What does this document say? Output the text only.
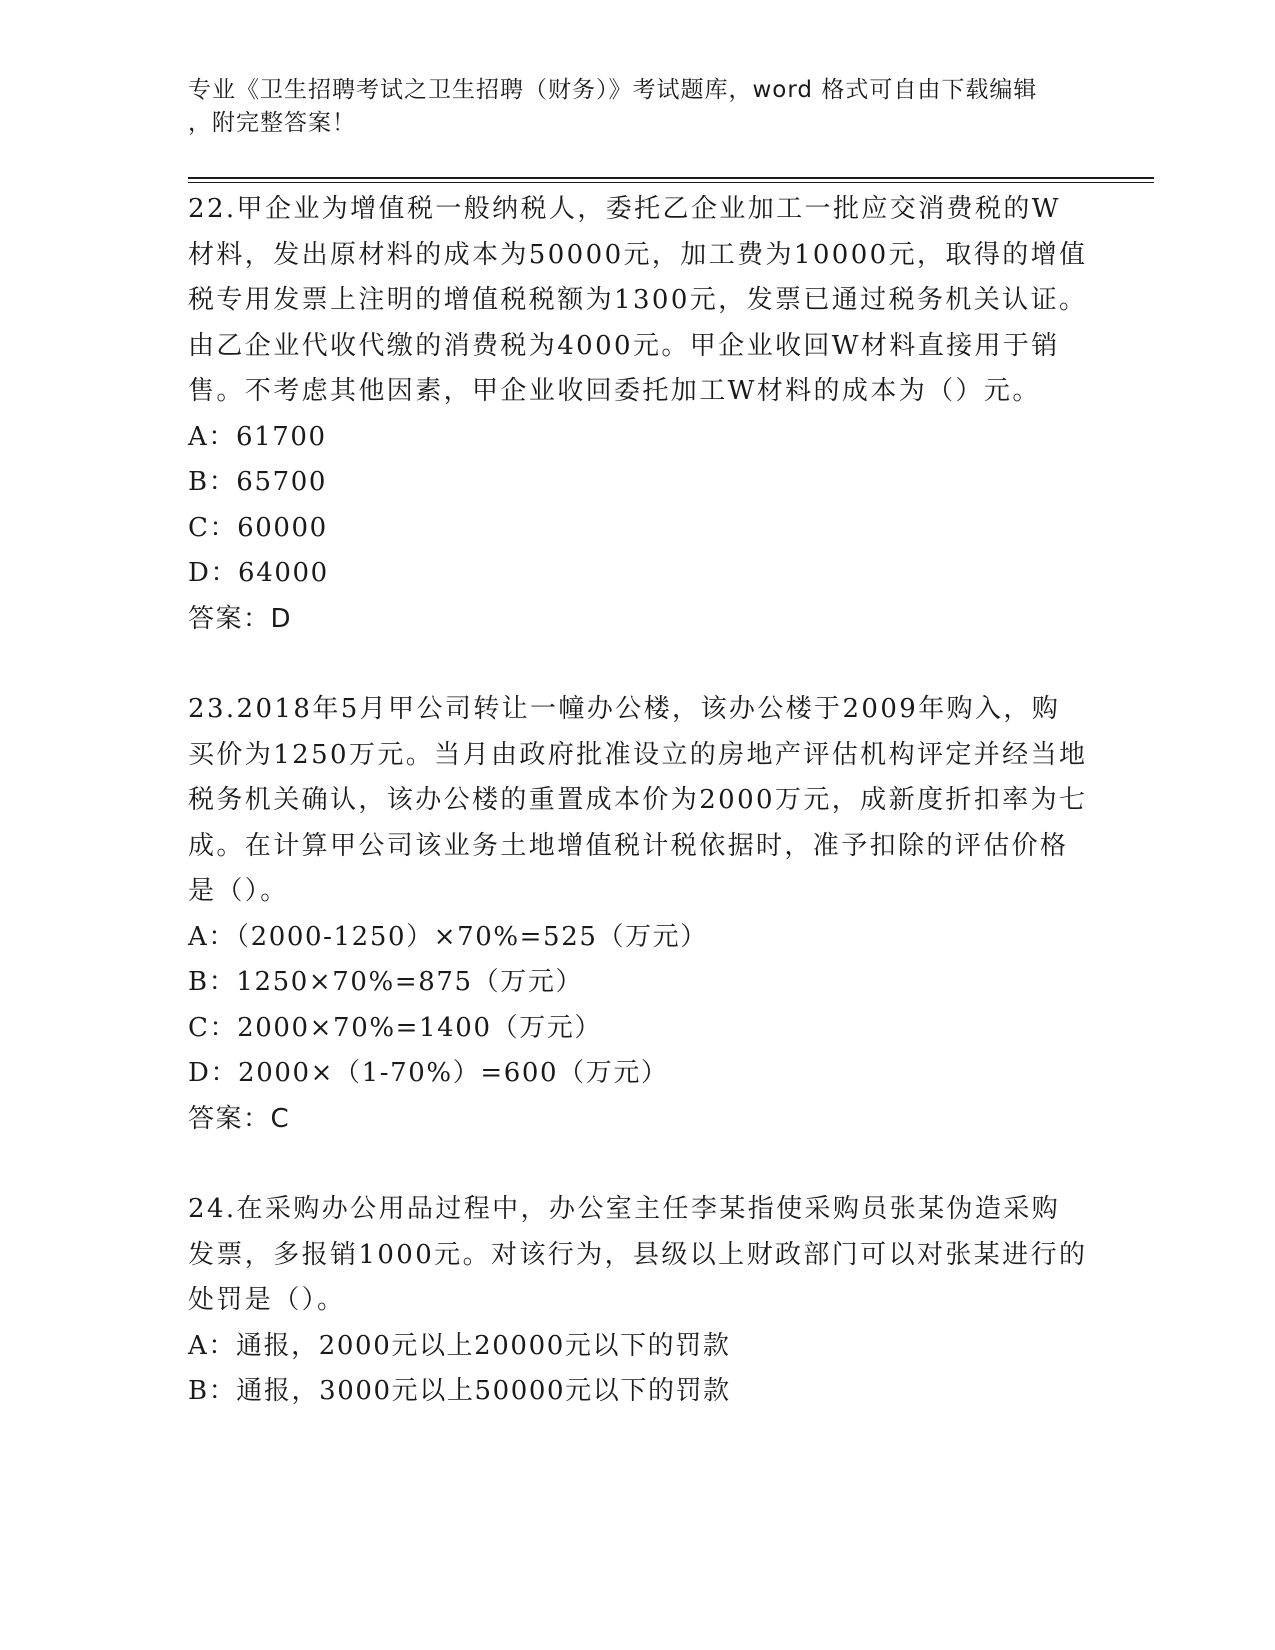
专业《卫生招聘考试之卫生招聘（财务）》考试题库，word 格式可自由下载编辑
，附完整答案！

22.甲企业为增值税一般纳税人，委托乙企业加工一批应交消费税的W材料，发出原材料的成本为50000元，加工费为10000元，取得的增值税专用发票上注明的增值税税额为1300元，发票已通过税务机关认证。由乙企业代收代缴的消费税为4000元。甲企业收回W材料直接用于销售。不考虑其他因素，甲企业收回委托加工W材料的成本为（）元。

A：61700

B：65700

C：60000

D：64000

答案：D

23.2018年5月甲公司转让一幢办公楼，该办公楼于2009年购入，购买价为1250万元。当月由政府批准设立的房地产评估机构评定并经当地税务机关确认，该办公楼的重置成本价为2000万元，成新度折扣率为七成。在计算甲公司该业务土地增值税计税依据时，准予扣除的评估价格是（）。

A：（2000-1250）×70%=525（万元）

B：1250×70%=875（万元）

C：2000×70%=1400（万元）

D：2000×（1-70%）=600（万元）

答案：C

24.在采购办公用品过程中，办公室主任李某指使采购员张某伪造采购发票，多报销1000元。对该行为，县级以上财政部门可以对张某进行的处罚是（）。

A：通报，2000元以上20000元以下的罚款

B：通报，3000元以上50000元以下的罚款
